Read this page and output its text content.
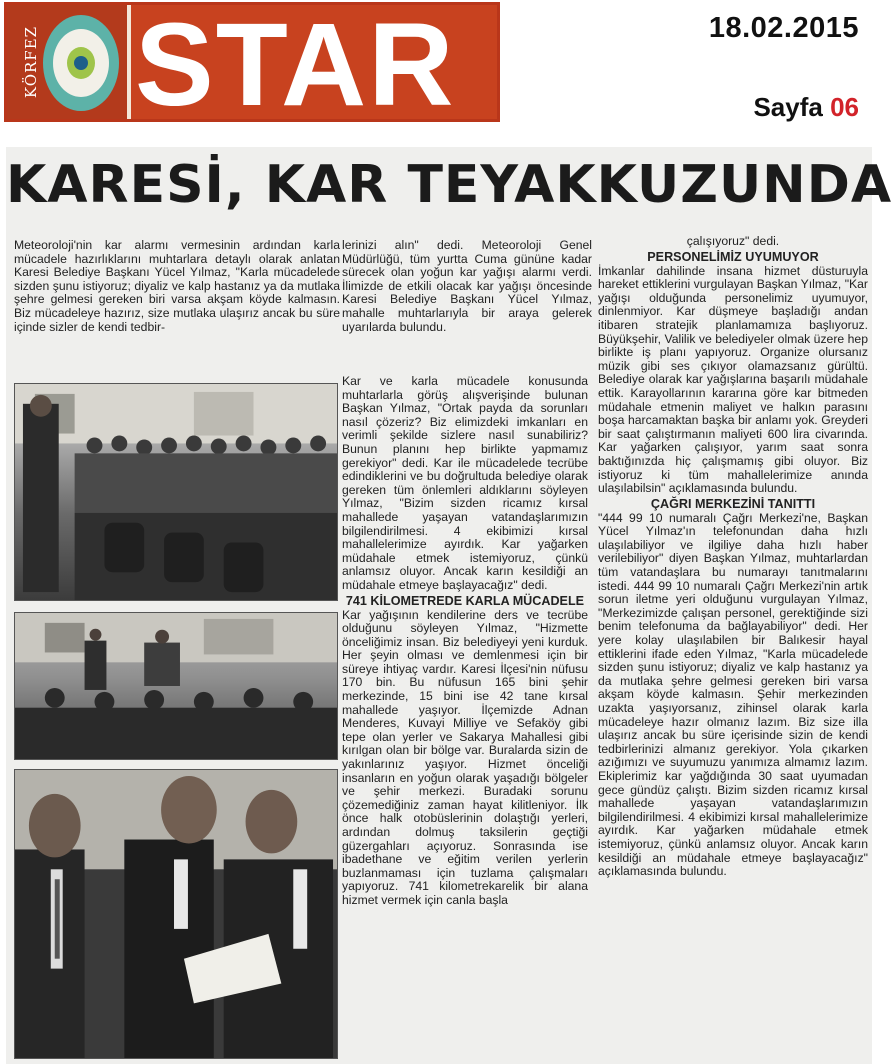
KÖRFEZ STAR	18.02.2015
Sayfa 06
KARESİ, KAR TEYAKKUZUNDA

Meteoroloji'nin kar alarmı vermesinin ardından karla mücadele hazırlıklarını muhtarlara detaylı olarak anlatan Karesi Belediye Başkanı Yücel Yılmaz, "Karla mücadelede sizden şunu istiyoruz; diyaliz ve kalp hastanız ya da mutlaka şehre gelmesi gereken biri varsa akşam köyde kalmasın. Biz mücadeleye hazırız, size mutlaka ulaşırız ancak bu süre içinde sizler de kendi tedbir-

lerinizi alın" dedi. Meteoroloji Genel Müdürlüğü, tüm yurtta Cuma gününe kadar sürecek olan yoğun kar yağışı alarmı verdi. İlimizde de etkili olacak kar yağışı öncesinde Karesi Belediye Başkanı Yücel Yılmaz, mahalle muhtarlarıyla bir araya gelerek uyarılarda bulundu.

Kar ve karla mücadele konusunda muhtarlarla görüş alışverişinde bulunan Başkan Yılmaz, "Ortak payda da sorunları nasıl çözeriz? Biz elimizdeki imkanları en verimli şekilde sizlere nasıl sunabiliriz? Bunun planını hep birlikte yapmamız gerekiyor" dedi. Kar ile mücadelede tecrübe edindiklerini ve bu doğrultuda belediye olarak gereken tüm önlemleri aldıklarını söyleyen Yılmaz, "Bizim sizden ricamız kırsal mahallede yaşayan vatandaşlarımızın bilgilendirilmesi. 4 ekibimizi kırsal mahallelerimize ayırdık. Kar yağarken müdahale etmek istemiyoruz, çünkü anlamsız oluyor. Ancak karın kesildiği an müdahale etmeye başlayacağız" dedi.

741 KİLOMETREDE KARLA MÜCADELE

Kar yağışının kendilerine ders ve tecrübe olduğunu söyleyen Yılmaz, "Hizmette önceliğimiz insan. Biz belediyeyi yeni kurduk. Her şeyin olması ve demlenmesi için bir süreye ihtiyaç vardır. Karesi İlçesi'nin nüfusu 170 bin. Bu nüfusun 165 bini şehir merkezinde, 15 bini ise 42 tane kırsal mahallede yaşıyor. İlçemizde Adnan Menderes, Kuvayi Milliye ve Sefaköy gibi tepe olan yerler ve Sakarya Mahallesi gibi kırılgan olan bir bölge var. Buralarda sizin de yakınlarınız yaşıyor. Hizmet önceliği insanların en yoğun olarak yaşadığı bölgeler ve şehir merkezi. Buradaki sorunu çözemediğiniz zaman hayat kilitleniyor. İlk önce halk otobüslerinin dolaştığı yerleri, ardından dolmuş taksilerin geçtiği güzergahları açıyoruz. Sonrasında ise ibadethane ve eğitim verilen yerlerin buzlanmaması için tuzlama çalışmaları yapıyoruz. 741 kilometrekarelik bir alana hizmet vermek için canla başla

çalışıyoruz" dedi.

PERSONELİMİZ UYUMUYOR

İmkanlar dahilinde insana hizmet düsturuyla hareket ettiklerini vurgulayan Başkan Yılmaz, "Kar yağışı olduğunda personelimiz uyumuyor, dinlenmiyor. Kar düşmeye başladığı andan itibaren stratejik planlamamıza başlıyoruz. Büyükşehir, Valilik ve belediyeler olmak üzere hep birlikte iş planı yapıyoruz. Organize olursanız müzik gibi ses çıkıyor olamazsanız gürültü. Belediye olarak kar yağışlarına başarılı müdahale ettik. Karayollarının kararına göre kar bitmeden müdahale etmenin maliyet ve halkın parasını boşa harcamaktan başka bir anlamı yok. Greyderi bir saat çalıştırmanın maliyeti 600 lira civarında. Kar yağarken çalışıyor, yarım saat sonra baktığınızda hiç çalışmamış gibi oluyor. Biz istiyoruz ki tüm mahallelerimize anında ulaşılabilsin" açıklamasında bulundu.

ÇAĞRI MERKEZİNİ TANITTI

"444 99 10 numaralı Çağrı Merkezi'ne, Başkan Yücel Yılmaz'ın telefonundan daha hızlı ulaşılabiliyor ve ilgiliye daha hızlı haber verilebiliyor" diyen Başkan Yılmaz, muhtarlardan tüm vatandaşlara bu numarayı tanıtmalarını istedi. 444 99 10 numaralı Çağrı Merkezi'nin artık sorun iletme yeri olduğunu vurgulayan Yılmaz, "Merkezimizde çalışan personel, gerektiğinde sizi benim telefonuma da bağlayabiliyor" dedi. Her yere kolay ulaşılabilen bir Balıkesir hayal ettiklerini ifade eden Yılmaz, "Karla mücadelede sizden şunu istiyoruz; diyaliz ve kalp hastanız ya da mutlaka şehre gelmesi gereken biri varsa akşam köyde kalmasın. Şehir merkezinden uzakta yaşıyorsanız, zihinsel olarak karla mücadeleye hazır olmanız lazım. Biz size illa ulaşırız ancak bu süre içerisinde sizin de kendi tedbirlerinizi almanız gerekiyor. Yola çıkarken azığımızı ve suyumuzu yanımıza almamız lazım. Ekiplerimiz kar yağdığında 30 saat uyumadan gece gündüz çalıştı. Bizim sizden ricamız kırsal mahallede yaşayan vatandaşlarımızın bilgilendirilmesi. 4 ekibimizi kırsal mahallelerimize ayırdık. Kar yağarken müdahale etmek istemiyoruz, çünkü anlamsız oluyor. Ancak karın kesildiği an müdahale etmeye başlayacağız" açıklamasında bulundu.
